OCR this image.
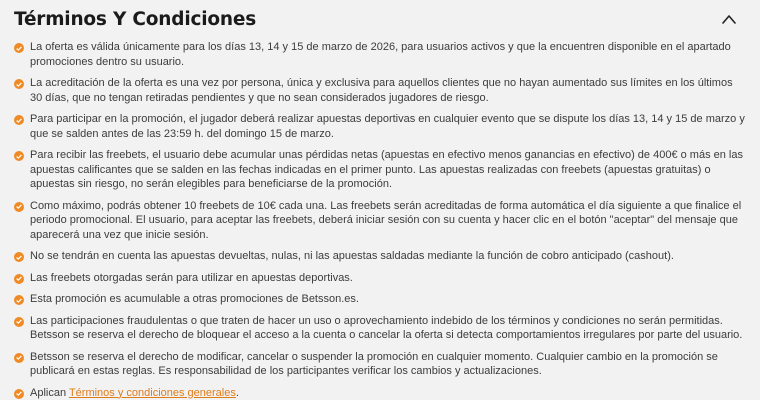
Términos Y Condiciones
La oferta es válida únicamente para los días 13, 14 y 15 de marzo de 2026, para usuarios activos y que la encuentren disponible en el apartado promociones dentro su usuario.
La acreditación de la oferta es una vez por persona, única y exclusiva para aquellos clientes que no hayan aumentado sus límites en los últimos 30 días, que no tengan retiradas pendientes y que no sean considerados jugadores de riesgo.
Para participar en la promoción, el jugador deberá realizar apuestas deportivas en cualquier evento que se dispute los días 13, 14 y 15 de marzo y que se salden antes de las 23:59 h. del domingo 15 de marzo.
Para recibir las freebets, el usuario debe acumular unas pérdidas netas (apuestas en efectivo menos ganancias en efectivo) de 400€ o más en las apuestas calificantes que se salden en las fechas indicadas en el primer punto. Las apuestas realizadas con freebets (apuestas gratuitas) o apuestas sin riesgo, no serán elegibles para beneficiarse de la promoción.
Como máximo, podrás obtener 10 freebets de 10€ cada una. Las freebets serán acreditadas de forma automática el día siguiente a que finalice el periodo promocional. El usuario, para aceptar las freebets, deberá iniciar sesión con su cuenta y hacer clic en el botón "aceptar" del mensaje que aparecerá una vez que inicie sesión.
No se tendrán en cuenta las apuestas devueltas, nulas, ni las apuestas saldadas mediante la función de cobro anticipado (cashout).
Las freebets otorgadas serán para utilizar en apuestas deportivas.
Esta promoción es acumulable a otras promociones de Betsson.es.
Las participaciones fraudulentas o que traten de hacer un uso o aprovechamiento indebido de los términos y condiciones no serán permitidas. Betsson se reserva el derecho de bloquear el acceso a la cuenta o cancelar la oferta si detecta comportamientos irregulares por parte del usuario.
Betsson se reserva el derecho de modificar, cancelar o suspender la promoción en cualquier momento. Cualquier cambio en la promoción se publicará en estas reglas. Es responsabilidad de los participantes verificar los cambios y actualizaciones.
Aplican Términos y condiciones generales.
